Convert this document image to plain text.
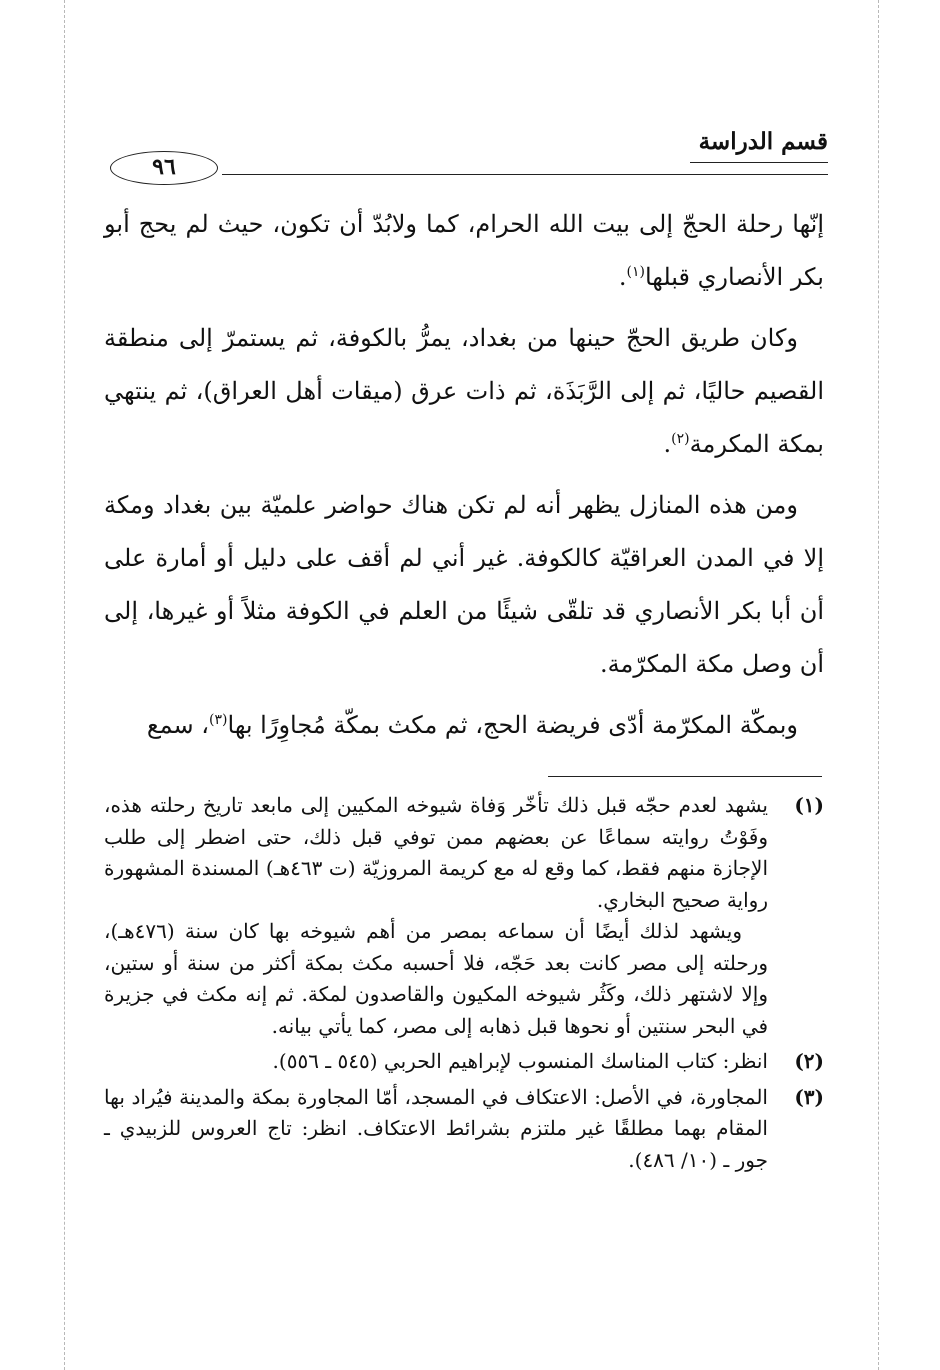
قسم الدراسة
٩٦

إنّها رحلة الحجّ إلى بيت الله الحرام، كما ولابُدّ أن تكون، حيث لم يحج أبو بكر الأنصاري قبلها$^{(١)}$.

وكان طريق الحجّ حينها من بغداد، يمرُّ بالكوفة، ثم يستمرّ إلى منطقة القصيم حاليًا، ثم إلى الرَّبَذَة، ثم ذات عرق (ميقات أهل العراق)، ثم ينتهي بمكة المكرمة$^{(٢)}$.

ومن هذه المنازل يظهر أنه لم تكن هناك حواضر علميّة بين بغداد ومكة إلا في المدن العراقيّة كالكوفة. غير أني لم أقف على دليل أو أمارة على أن أبا بكر الأنصاري قد تلقّى شيئًا من العلم في الكوفة مثلاً أو غيرها، إلى أن وصل مكة المكرّمة.

وبمكّة المكرّمة أدّى فريضة الحج، ثم مكث بمكّة مُجاوِرًا بها$^{(٣)}$، سمع

(١)
يشهد لعدم حجّه قبل ذلك تأخّر وَفاة شيوخه المكيين إلى مابعد تاريخ رحلته هذه، وفَوْتُ روايته سماعًا عن بعضهم ممن توفي قبل ذلك، حتى اضطر إلى طلب الإجازة منهم فقط، كما وقع له مع كريمة المروزيّة (ت ٤٦٣هـ) المسندة المشهورة رواية صحيح البخاري.
ويشهد لذلك أيضًا أن سماعه بمصر من أهم شيوخه بها كان سنة (٤٧٦هـ)، ورحلته إلى مصر كانت بعد حَجّه، فلا أحسبه مكث بمكة أكثر من سنة أو ستين، وإلا لاشتهر ذلك، وكَثُر شيوخه المكيون والقاصدون لمكة. ثم إنه مكث في جزيرة في البحر سنتين أو نحوها قبل ذهابه إلى مصر، كما يأتي بيانه.
(٢)
انظر: كتاب المناسك المنسوب لإبراهيم الحربي (٥٤٥ ـ ٥٥٦).
(٣)
المجاورة، في الأصل: الاعتكاف في المسجد، أمّا المجاورة بمكة والمدينة فيُراد بها المقام بهما مطلقًا غير ملتزم بشرائط الاعتكاف. انظر: تاج العروس للزبيدي ـ جور ـ (١٠/ ٤٨٦).
